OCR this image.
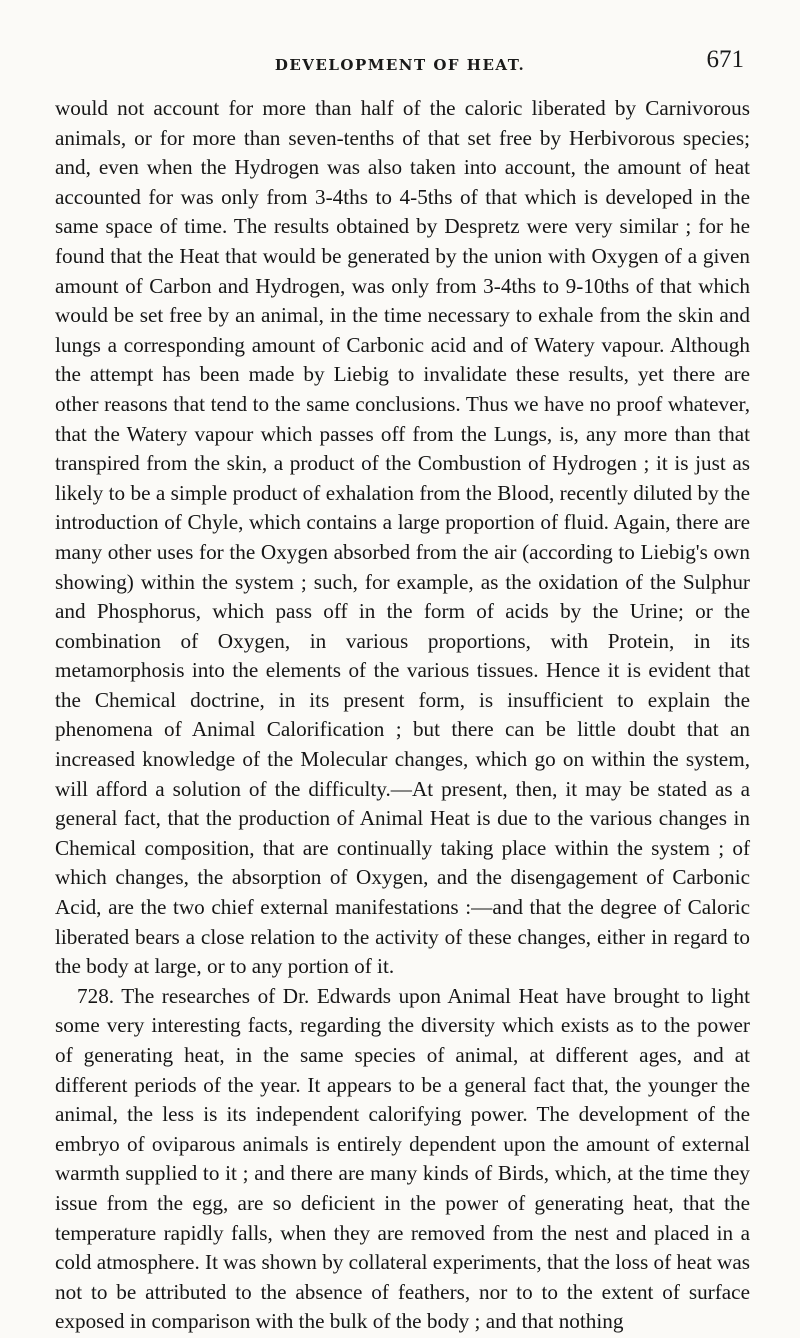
DEVELOPMENT OF HEAT.	671

would not account for more than half of the caloric liberated by Carnivorous animals, or for more than seven-tenths of that set free by Herbivorous species; and, even when the Hydrogen was also taken into account, the amount of heat accounted for was only from 3-4ths to 4-5ths of that which is developed in the same space of time. The results obtained by Despretz were very similar ; for he found that the Heat that would be generated by the union with Oxygen of a given amount of Carbon and Hydrogen, was only from 3-4ths to 9-10ths of that which would be set free by an animal, in the time necessary to exhale from the skin and lungs a corresponding amount of Carbonic acid and of Watery vapour. Although the attempt has been made by Liebig to invalidate these results, yet there are other reasons that tend to the same conclusions. Thus we have no proof whatever, that the Watery vapour which passes off from the Lungs, is, any more than that transpired from the skin, a product of the Combustion of Hydrogen ; it is just as likely to be a simple product of exhalation from the Blood, recently diluted by the introduction of Chyle, which contains a large proportion of fluid. Again, there are many other uses for the Oxygen absorbed from the air (according to Liebig's own showing) within the system ; such, for example, as the oxidation of the Sulphur and Phosphorus, which pass off in the form of acids by the Urine; or the combination of Oxygen, in various proportions, with Protein, in its metamorphosis into the elements of the various tissues. Hence it is evident that the Chemical doctrine, in its present form, is insufficient to explain the phenomena of Animal Calorification ; but there can be little doubt that an increased knowledge of the Molecular changes, which go on within the system, will afford a solution of the difficulty.—At present, then, it may be stated as a general fact, that the production of Animal Heat is due to the various changes in Chemical composition, that are continually taking place within the system ; of which changes, the absorption of Oxygen, and the disengagement of Carbonic Acid, are the two chief external manifestations :—and that the degree of Caloric liberated bears a close relation to the activity of these changes, either in regard to the body at large, or to any portion of it.

728. The researches of Dr. Edwards upon Animal Heat have brought to light some very interesting facts, regarding the diversity which exists as to the power of generating heat, in the same species of animal, at different ages, and at different periods of the year. It appears to be a general fact that, the younger the animal, the less is its independent calorifying power. The development of the embryo of oviparous animals is entirely dependent upon the amount of external warmth supplied to it ; and there are many kinds of Birds, which, at the time they issue from the egg, are so deficient in the power of generating heat, that the temperature rapidly falls, when they are removed from the nest and placed in a cold atmosphere. It was shown by collateral experiments, that the loss of heat was not to be attributed to the absence of feathers, nor to to the extent of surface exposed in comparison with the bulk of the body ; and that nothing
